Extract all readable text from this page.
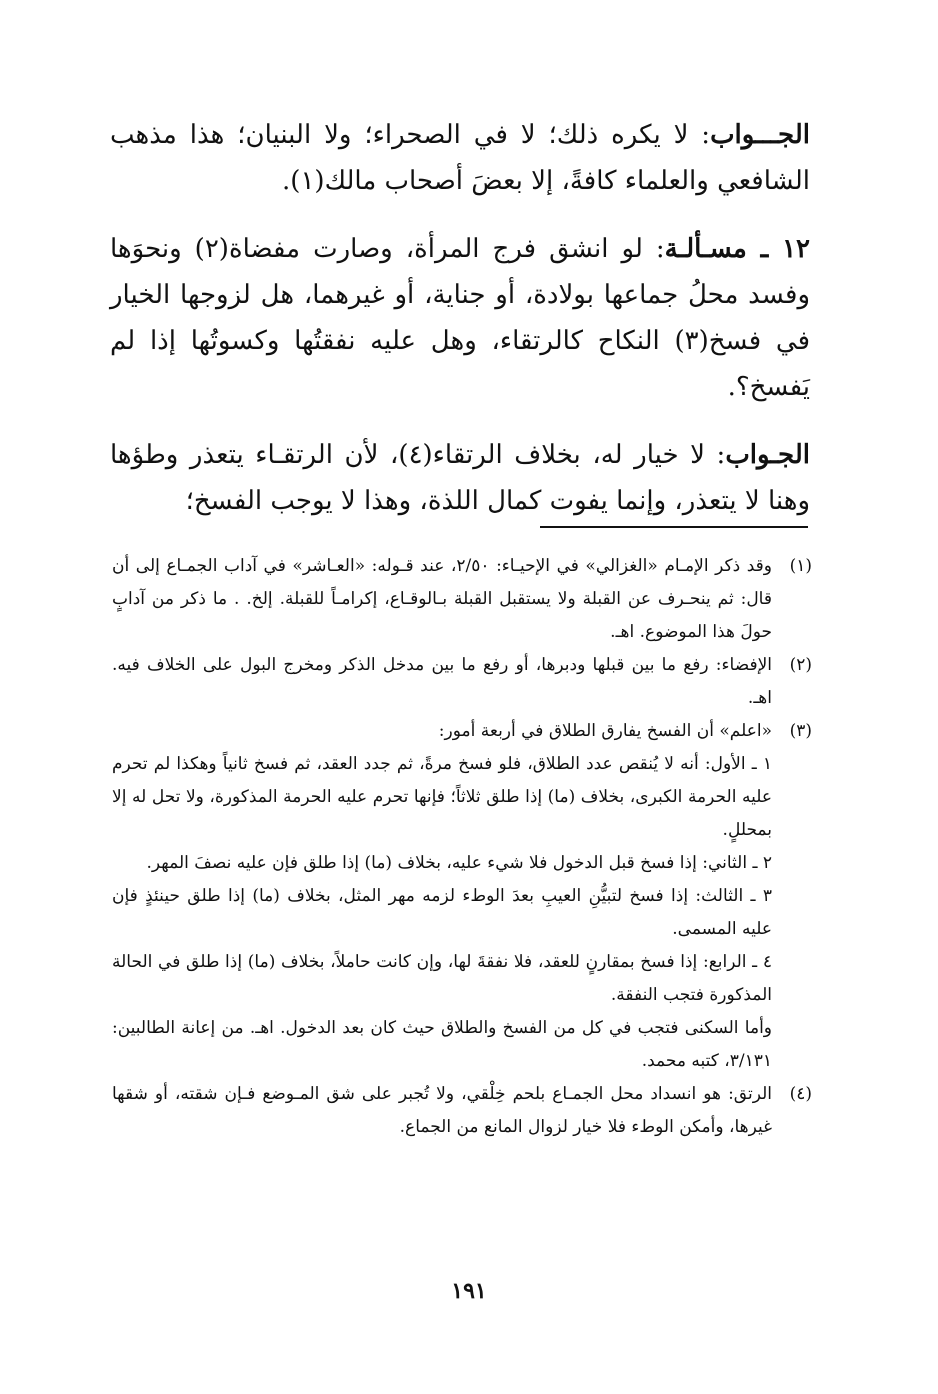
الجـــواب: لا يكره ذلك؛ لا في الصحراء؛ ولا البنيان؛ هذا مذهب الشافعي والعلماء كافةً، إلا بعضَ أصحاب مالك(١).

١٢ ـ مسـألـة: لو انشق فرج المرأة، وصارت مفضاة(٢) ونحوَها وفسد محلُ جماعها بولادة، أو جناية، أو غيرهما، هل لزوجها الخيار في فسخ(٣) النكاح كالرتقاء، وهل عليه نفقتُها وكسوتُها إذا لم يَفسخ؟.

الجـواب: لا خيار له، بخلاف الرتقاء(٤)، لأن الرتقـاء يتعذر وطؤها وهنا لا يتعذر، وإنما يفوت كمال اللذة، وهذا لا يوجب الفسخ؛

(١)

وقد ذكر الإمـام «الغزالي» في الإحيـاء: ٢/٥٠، عند قـوله: «العـاشر» في آداب الجمـاع إلى أن قال: ثم ينحـرف عن القبلة ولا يستقبل القبلة بـالوقـاع، إكرامـاً للقبلة. إلخ. . ما ذكر من آدابٍ حولَ هذا الموضوع. اهـ.

(٢)

الإفضاء: رفع ما بين قبلها ودبرها، أو رفع ما بين مدخل الذكر ومخرج البول على الخلاف فيه. اهـ.

(٣)

«اعلم» أن الفسخ يفارق الطلاق في أربعة أمور:

١ ـ الأول: أنه لا يُنقص عدد الطلاق، فلو فسخ مرةً، ثم جدد العقد، ثم فسخ ثانياً وهكذا لم تحرم عليه الحرمة الكبرى، بخلاف (ما) إذا طلق ثلاثاً؛ فإنها تحرم عليه الحرمة المذكورة، ولا تحل له إلا بمحللٍ.

٢ ـ الثاني: إذا فسخ قبل الدخول فلا شيء عليه، بخلاف (ما) إذا طلق فإن عليه نصفَ المهر.

٣ ـ الثالث: إذا فسخ لتبيُّنِ العيبِ بعدَ الوطء لزمه مهر المثل، بخلاف (ما) إذا طلق حينئذٍ فإن عليه المسمى.

٤ ـ الرابع: إذا فسخ بمقارنٍ للعقد، فلا نفقةَ لها، وإن كانت حاملاً، بخلاف (ما) إذا طلق في الحالة المذكورة فتجب النفقة.

وأما السكنى فتجب في كل من الفسخ والطلاق حيث كان بعد الدخول. اهـ. من إعانة الطالبين: ٣/١٣١، كتبه محمد.

(٤)

الرتق: هو انسداد محل الجمـاع بلحم خِلْقي، ولا تُجبر على شق المـوضع فـإن شقته، أو شقها غيرها، وأمكن الوطء فلا خيار لزوال المانع من الجماع.

١٩١
